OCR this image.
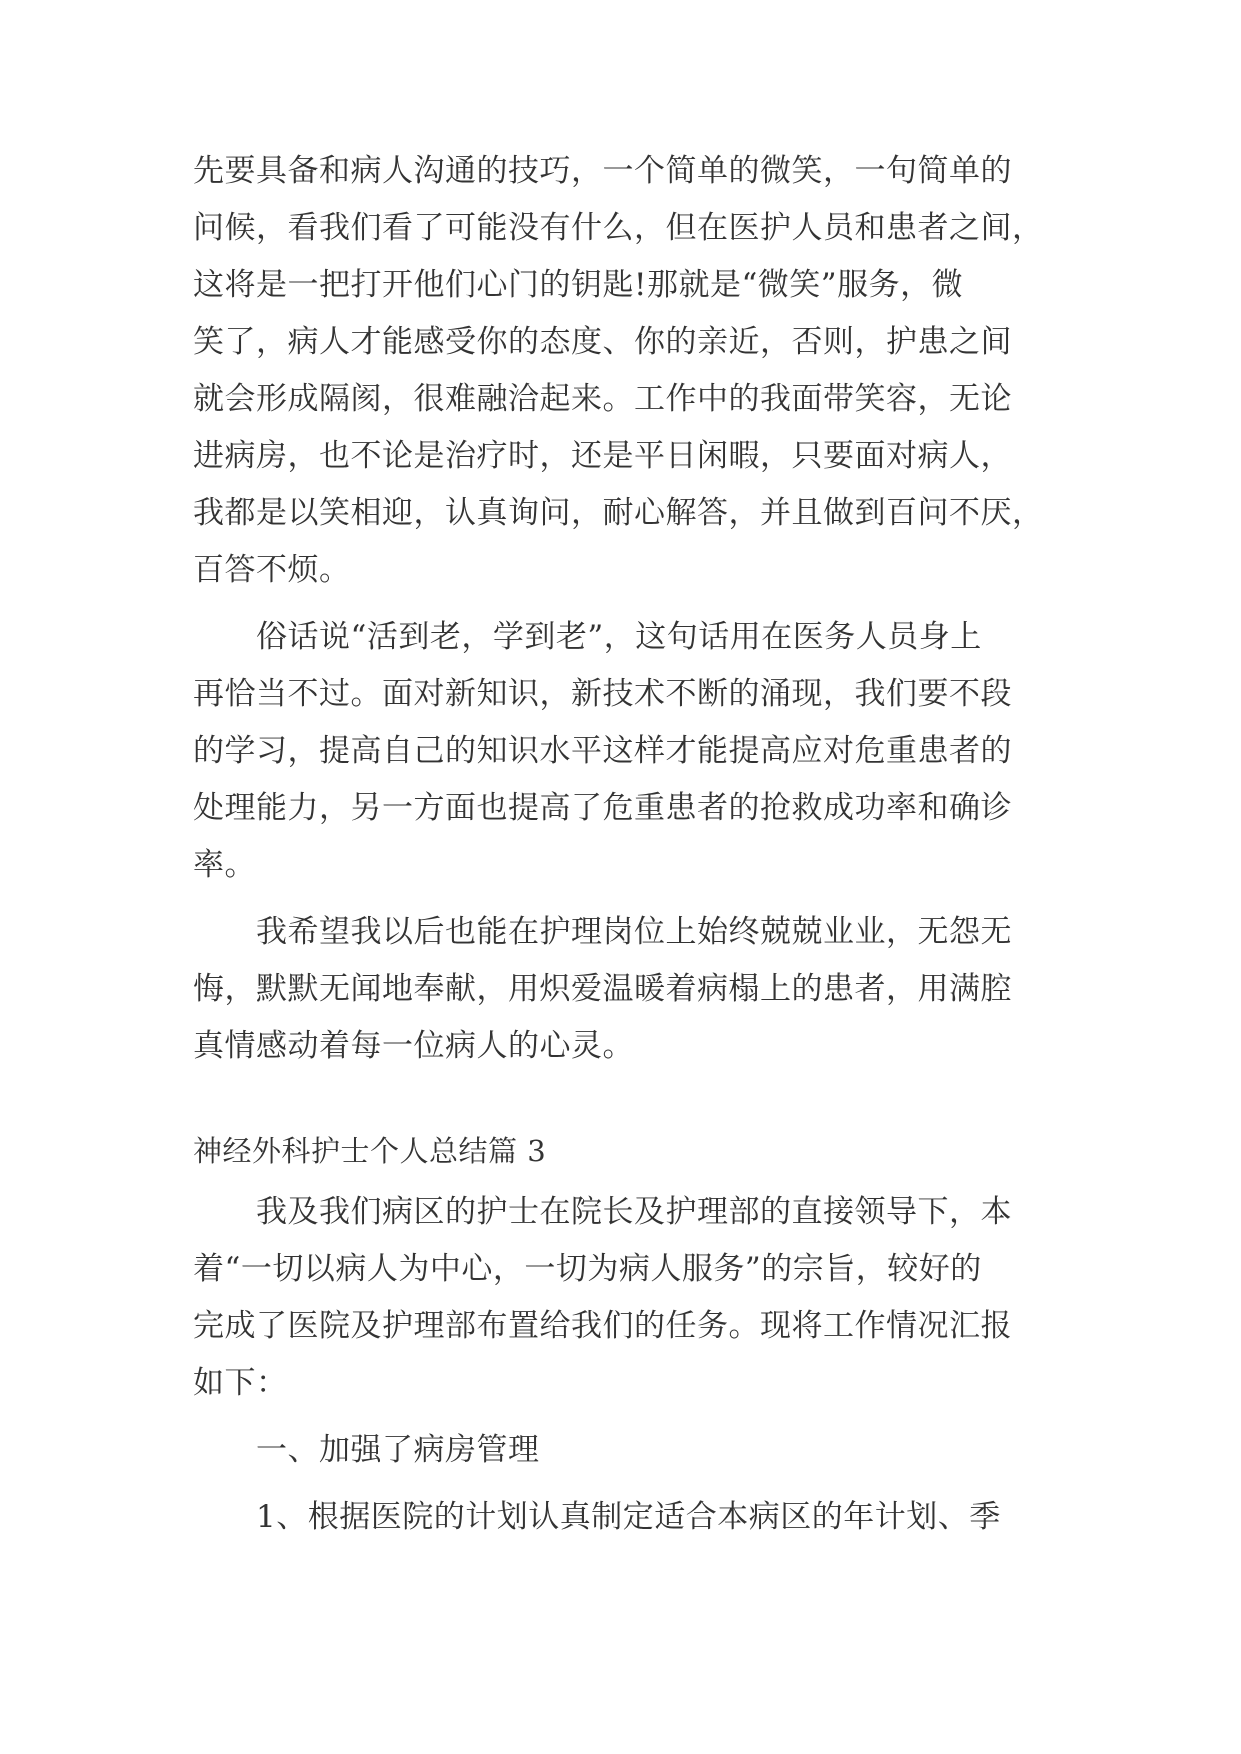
先要具备和病人沟通的技巧，一个简单的微笑，一句简单的
问候，看我们看了可能没有什么，但在医护人员和患者之间，
这将是一把打开他们心门的钥匙!那就是“微笑”服务，微
笑了，病人才能感受你的态度、你的亲近，否则，护患之间
就会形成隔阂，很难融洽起来。工作中的我面带笑容，无论
进病房，也不论是治疗时，还是平日闲暇，只要面对病人，
我都是以笑相迎，认真询问，耐心解答，并且做到百问不厌，
百答不烦。
俗话说“活到老，学到老”，这句话用在医务人员身上
再恰当不过。面对新知识，新技术不断的涌现，我们要不段
的学习，提高自己的知识水平这样才能提高应对危重患者的
处理能力，另一方面也提高了危重患者的抢救成功率和确诊
率。
我希望我以后也能在护理岗位上始终兢兢业业，无怨无
悔，默默无闻地奉献，用炽爱温暖着病榻上的患者，用满腔
真情感动着每一位病人的心灵。
神经外科护士个人总结篇 3
我及我们病区的护士在院长及护理部的直接领导下，本
着“一切以病人为中心，一切为病人服务”的宗旨，较好的
完成了医院及护理部布置给我们的任务。现将工作情况汇报
如下：
一、加强了病房管理
1、根据医院的计划认真制定适合本病区的年计划、季
